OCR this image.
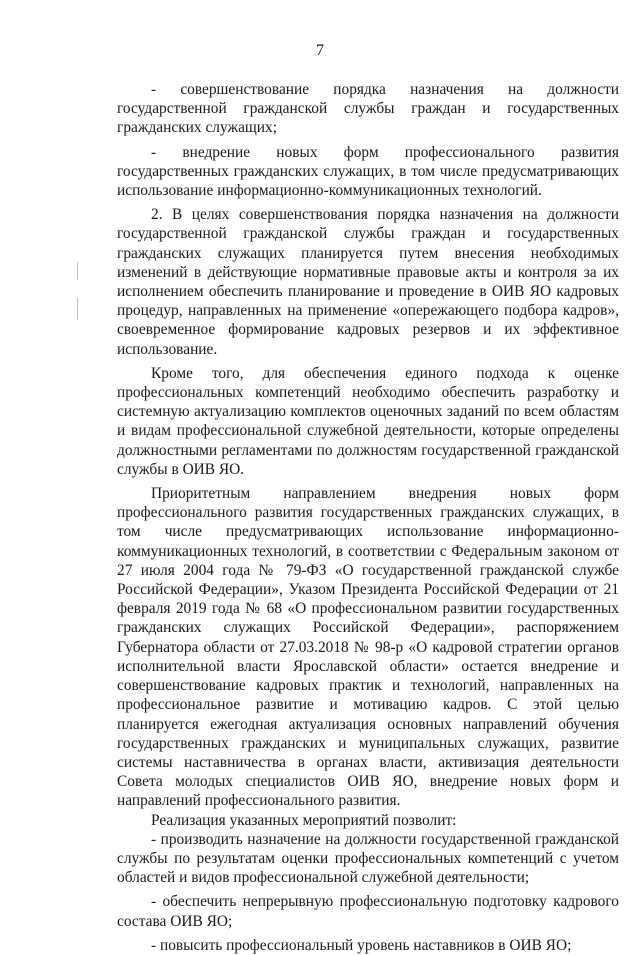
7

- совершенствование порядка назначения на должности государственной гражданской службы граждан и государственных гражданских служащих;

- внедрение новых форм профессионального развития государственных гражданских служащих, в том числе предусматривающих использование информационно-коммуникационных технологий.

2. В целях совершенствования порядка назначения на должности государственной гражданской службы граждан и государственных гражданских служащих планируется путем внесения необходимых изменений в действующие нормативные правовые акты и контроля за их исполнением обеспечить планирование и проведение в ОИВ ЯО кадровых процедур, направленных на применение «опережающего подбора кадров», своевременное формирование кадровых резервов и их эффективное использование.

Кроме того, для обеспечения единого подхода к оценке профессиональных компетенций необходимо обеспечить разработку и системную актуализацию комплектов оценочных заданий по всем областям и видам профессиональной служебной деятельности, которые определены должностными регламентами по должностям государственной гражданской службы в ОИВ ЯО.

Приоритетным направлением внедрения новых форм профессионального развития государственных гражданских служащих, в том числе предусматривающих использование информационно-коммуникационных технологий, в соответствии с Федеральным законом от 27 июля 2004 года № 79-ФЗ «О государственной гражданской службе Российской Федерации», Указом Президента Российской Федерации от 21 февраля 2019 года № 68 «О профессиональном развитии государственных гражданских служащих Российской Федерации», распоряжением Губернатора области от 27.03.2018 № 98-р «О кадровой стратегии органов исполнительной власти Ярославской области» остается внедрение и совершенствование кадровых практик и технологий, направленных на профессиональное развитие и мотивацию кадров. С этой целью планируется ежегодная актуализация основных направлений обучения государственных гражданских и муниципальных служащих, развитие системы наставничества в органах власти, активизация деятельности Совета молодых специалистов ОИВ ЯО, внедрение новых форм и направлений профессионального развития.

Реализация указанных мероприятий позволит:

- производить назначение на должности государственной гражданской службы по результатам оценки профессиональных компетенций с учетом областей и видов профессиональной служебной деятельности;

- обеспечить непрерывную профессиональную подготовку кадрового состава ОИВ ЯО;

- повысить профессиональный уровень наставников в ОИВ ЯО;
